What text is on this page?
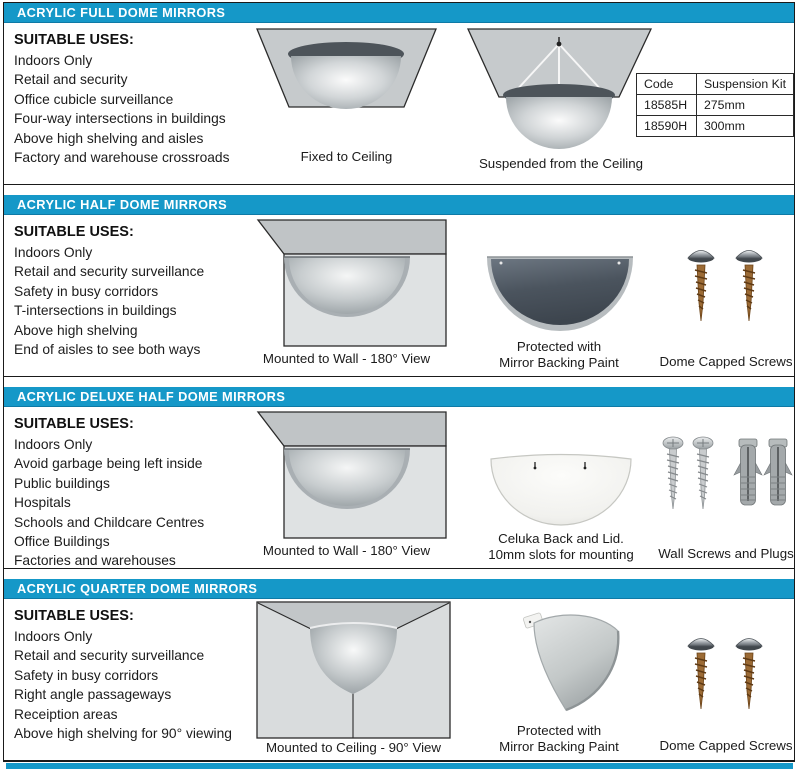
ACRYLIC FULL DOME MIRRORS
SUITABLE USES:
Indoors Only
Retail and security
Office cubicle surveillance
Four-way intersections in buildings
Above high shelving and aisles
Factory and warehouse crossroads	Fixed to Ceiling	Suspended from the Ceiling
Code	Suspension Kit
18585H	275mm
18590H	300mm
ACRYLIC HALF DOME MIRRORS
SUITABLE USES:
Indoors Only
Retail and security surveillance
Safety in busy corridors
T-intersections in buildings
Above high shelving
End of aisles to see both ways
Mounted to Wall - 180° View
Protected with
Mirror Backing Paint	Dome Capped Screws
ACRYLIC DELUXE HALF DOME MIRRORS
SUITABLE USES:
Indoors Only
Avoid garbage being left inside
Public buildings
Hospitals
Schools and Childcare Centres
Office Buildings
Factories and warehouses
Mounted to Wall - 180° View
Celuka Back and Lid.
10mm slots for mounting	Wall Screws and Plugs
ACRYLIC QUARTER DOME MIRRORS
SUITABLE USES:
Indoors Only
Retail and security surveillance
Safety in busy corridors
Right angle passageways
Receiption areas
Above high shelving for 90° viewing
Mounted to Ceiling - 90° View
Protected with
Mirror Backing Paint	Dome Capped Screws
